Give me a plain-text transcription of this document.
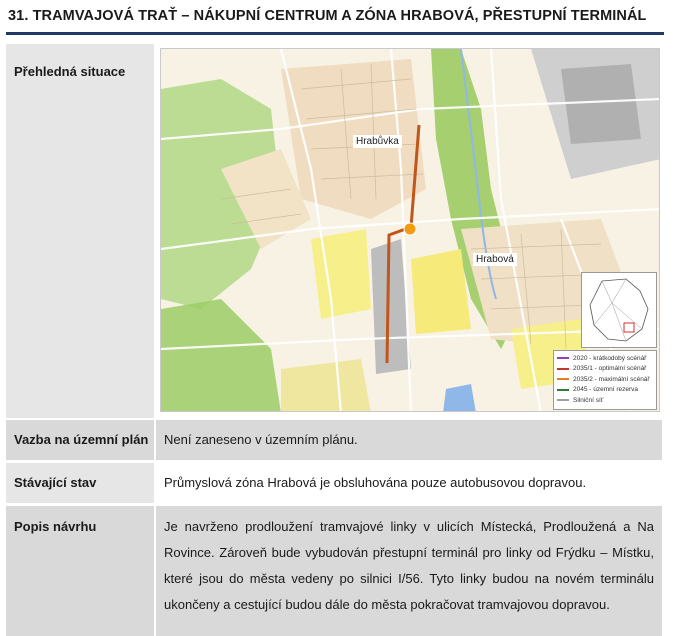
31. TRAMVAJOVÁ TRAŤ – NÁKUPNÍ CENTRUM A ZÓNA HRABOVÁ, PŘESTUPNÍ TERMINÁL
Přehledná situace
Hrabůvka
Hrabová
2020 - krátkodobý scénář
2035/1 - optimální scénář
2035/2 - maximální scénář
2045 - územní rezerva
Silniční síť
Vazba na územní plán	Není zaneseno v územním plánu.
Stávající stav	Průmyslová zóna Hrabová je obsluhována pouze autobusovou dopravou.
Popis návrhu	Je navrženo prodloužení tramvajové linky v ulicích Místecká, Prodloužená a Na Rovince. Zároveň bude vybudován přestupní terminál pro linky od Frýdku – Místku, které jsou do města vedeny po silnici I/56. Tyto linky budou na novém terminálu ukončeny a cestující budou dále do města pokračovat tramvajovou dopravou.
